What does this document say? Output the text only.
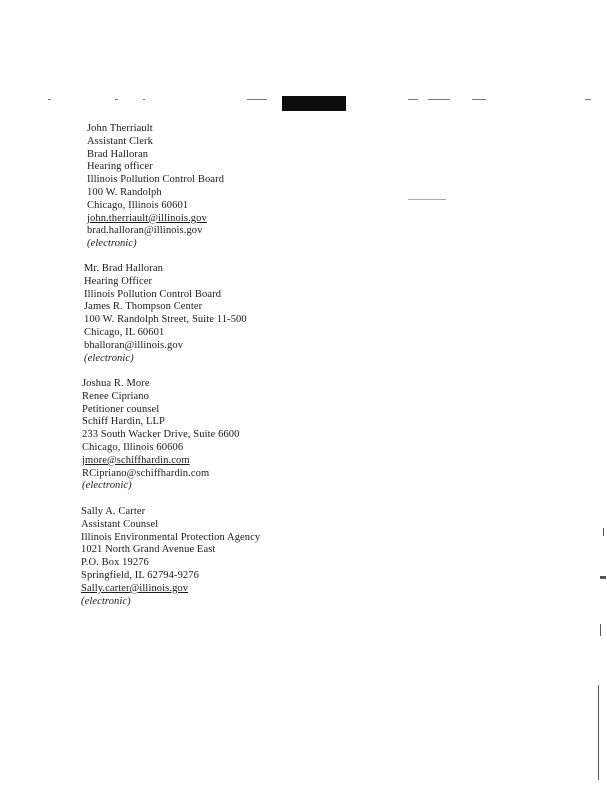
John Therriault
Assistant Clerk
Brad Halloran
Hearing officer
Illinois Pollution Control Board
100 W. Randolph
Chicago, Illinois 60601
john.therriault@illinois.gov
brad.halloran@illinois.gov
(electronic)
Mr. Brad Halloran
Hearing Officer
Illinois Pollution Control Board
James R. Thompson Center
100 W. Randolph Street, Suite 11-500
Chicago, IL 60601
bhalloran@illinois.gov
(electronic)
Joshua R. More
Renee Cipriano
Petitioner counsel
Schiff Hardin, LLP
233 South Wacker Drive, Suite 6600
Chicago, Illinois 60606
jmore@schiffhardin.com
RCipriano@schiffhardin.com
(electronic)
Sally A. Carter
Assistant Counsel
Illinois Environmental Protection Agency
1021 North Grand Avenue East
P.O. Box 19276
Springfield, IL 62794-9276
Sally.carter@illinois.gov
(electronic)
